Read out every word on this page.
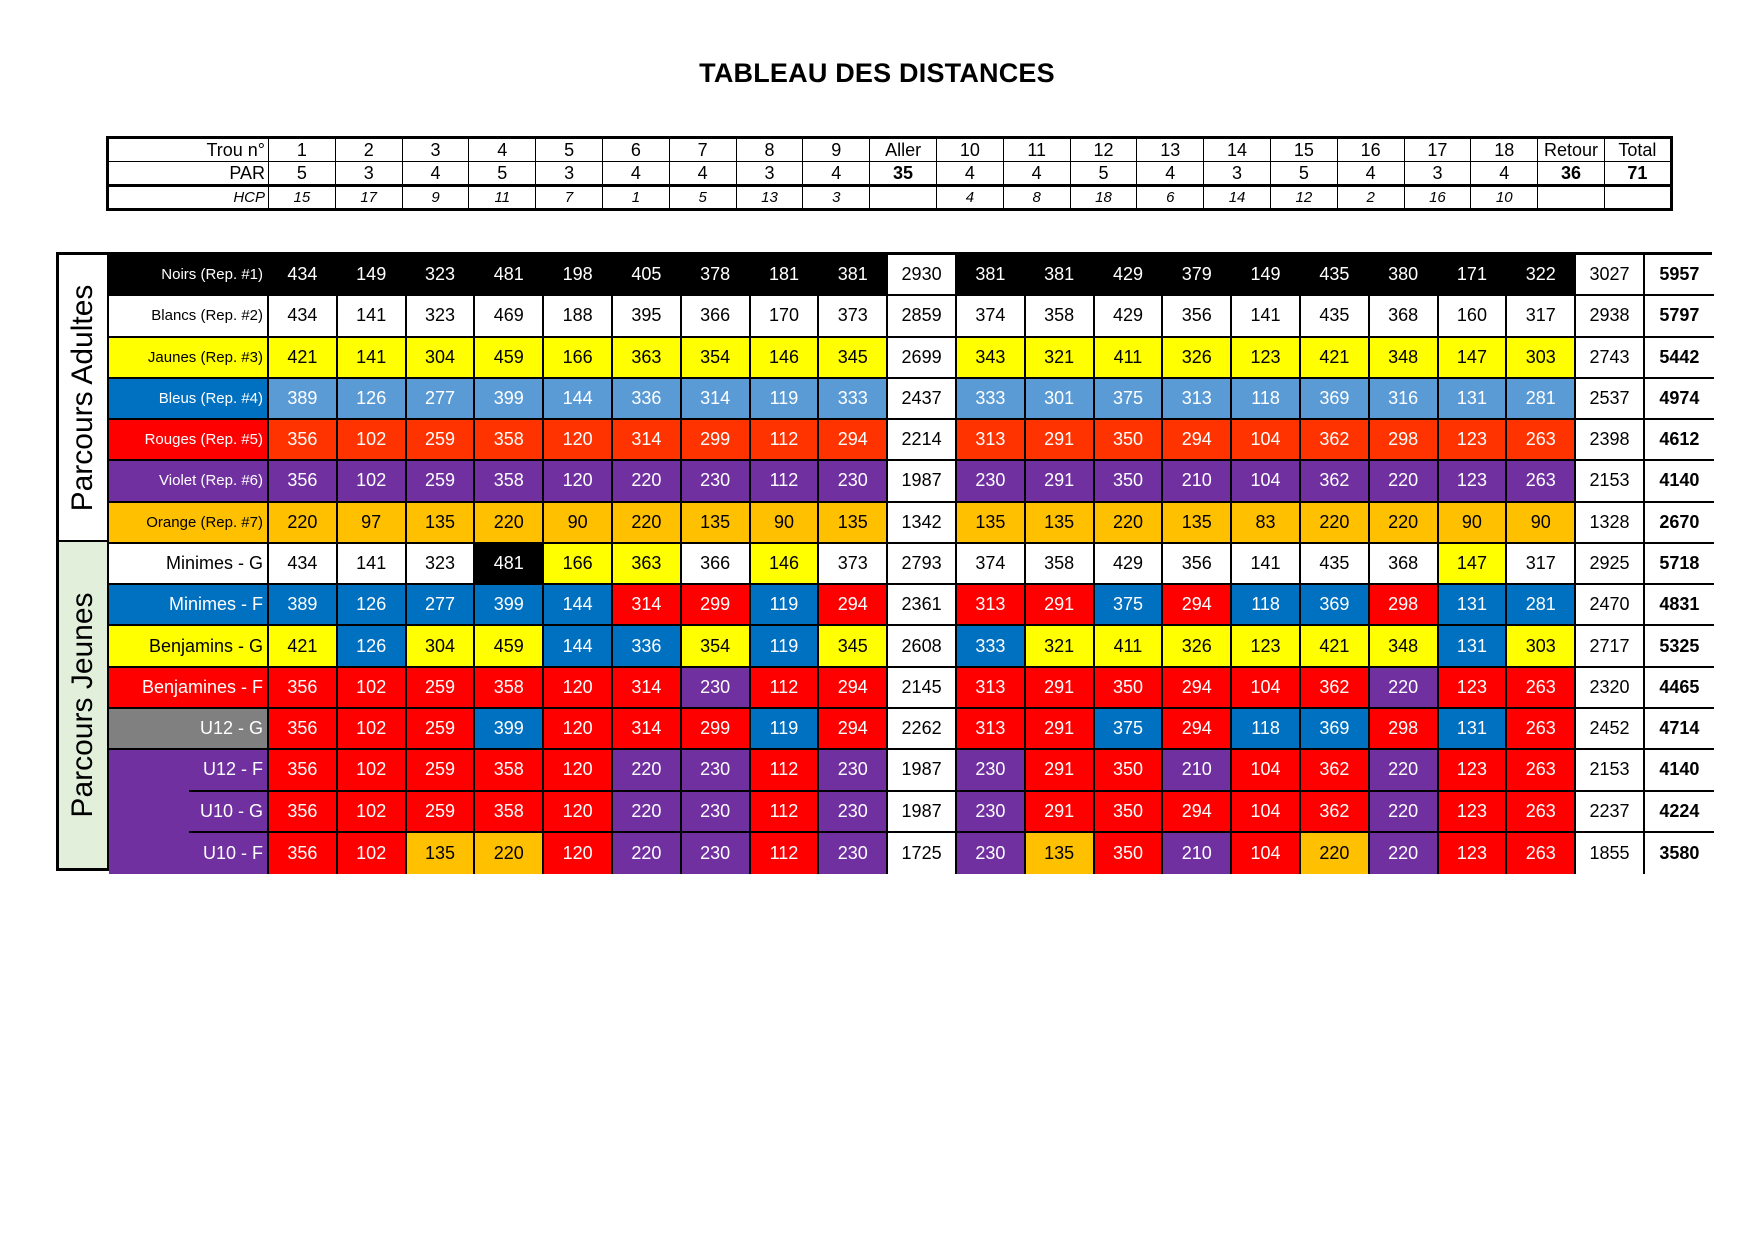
TABLEAU DES DISTANCES
Trou n°	1	2	3	4	5	6	7	8	9	Aller	10	11	12	13	14	15	16	17	18	Retour	Total
PAR	5	3	4	5	3	4	4	3	4	35	4	4	5	4	3	5	4	3	4	36	71
HCP	15	17	9	11	7	1	5	13	3		4	8	18	6	14	12	2	16	10		
Parcours Adultes
Parcours Jeunes
Noirs (Rep. #1)	434	149	323	481	198	405	378	181	381	2930	381	381	429	379	149	435	380	171	322	3027	5957
Blancs (Rep. #2)	434	141	323	469	188	395	366	170	373	2859	374	358	429	356	141	435	368	160	317	2938	5797
Jaunes (Rep. #3)	421	141	304	459	166	363	354	146	345	2699	343	321	411	326	123	421	348	147	303	2743	5442
Bleus (Rep. #4)	389	126	277	399	144	336	314	119	333	2437	333	301	375	313	118	369	316	131	281	2537	4974
Rouges (Rep. #5)	356	102	259	358	120	314	299	112	294	2214	313	291	350	294	104	362	298	123	263	2398	4612
Violet (Rep. #6)	356	102	259	358	120	220	230	112	230	1987	230	291	350	210	104	362	220	123	263	2153	4140
Orange (Rep. #7)	220	97	135	220	90	220	135	90	135	1342	135	135	220	135	83	220	220	90	90	1328	2670
Minimes - G	434	141	323	481	166	363	366	146	373	2793	374	358	429	356	141	435	368	147	317	2925	5718
Minimes - F	389	126	277	399	144	314	299	119	294	2361	313	291	375	294	118	369	298	131	281	2470	4831
Benjamins - G	421	126	304	459	144	336	354	119	345	2608	333	321	411	326	123	421	348	131	303	2717	5325
Benjamines - F	356	102	259	358	120	314	230	112	294	2145	313	291	350	294	104	362	220	123	263	2320	4465
U12 - G	356	102	259	399	120	314	299	119	294	2262	313	291	375	294	118	369	298	131	263	2452	4714
U12 - F	356	102	259	358	120	220	230	112	230	1987	230	291	350	210	104	362	220	123	263	2153	4140
U10 - G	356	102	259	358	120	220	230	112	230	1987	230	291	350	294	104	362	220	123	263	2237	4224
U10 - F	356	102	135	220	120	220	230	112	230	1725	230	135	350	210	104	220	220	123	263	1855	3580
